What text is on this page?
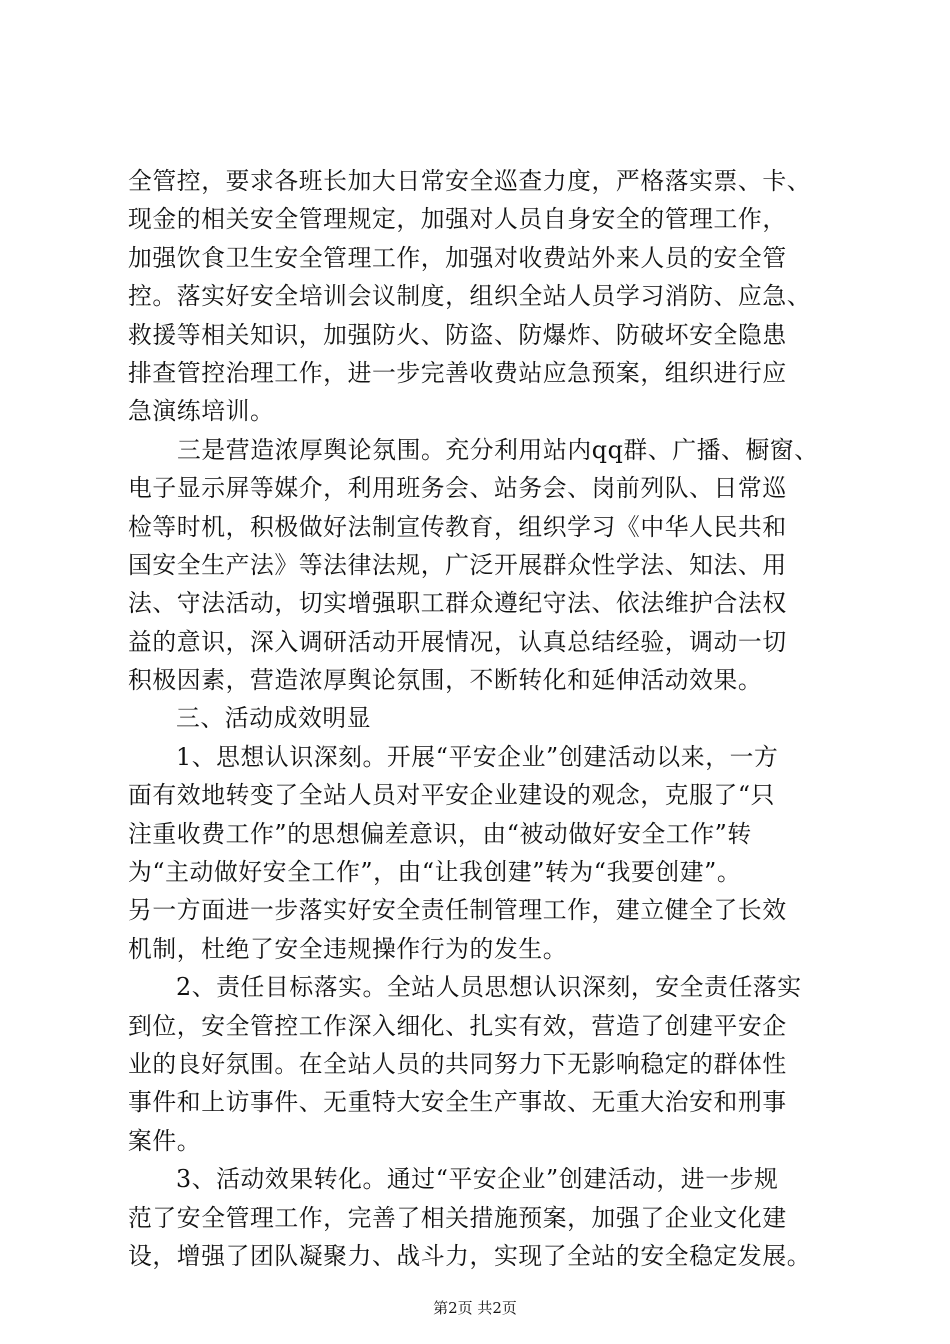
全管控，要求各班长加大日常安全巡查力度，严格落实票、卡、
现金的相关安全管理规定，加强对人员自身安全的管理工作，
加强饮食卫生安全管理工作，加强对收费站外来人员的安全管
控。落实好安全培训会议制度，组织全站人员学习消防、应急、
救援等相关知识，加强防火、防盗、防爆炸、防破坏安全隐患
排查管控治理工作，进一步完善收费站应急预案，组织进行应
急演练培训。
三是营造浓厚舆论氛围。充分利用站内qq群、广播、橱窗、
电子显示屏等媒介，利用班务会、站务会、岗前列队、日常巡
检等时机，积极做好法制宣传教育，组织学习《中华人民共和
国安全生产法》等法律法规，广泛开展群众性学法、知法、用
法、守法活动，切实增强职工群众遵纪守法、依法维护合法权
益的意识，深入调研活动开展情况，认真总结经验，调动一切
积极因素，营造浓厚舆论氛围，不断转化和延伸活动效果。
三、活动成效明显
1、思想认识深刻。开展“平安企业”创建活动以来，一方
面有效地转变了全站人员对平安企业建设的观念，克服了“只
注重收费工作”的思想偏差意识，由“被动做好安全工作”转
为“主动做好安全工作”，由“让我创建”转为“我要创建”。
另一方面进一步落实好安全责任制管理工作，建立健全了长效
机制，杜绝了安全违规操作行为的发生。
2、责任目标落实。全站人员思想认识深刻，安全责任落实
到位，安全管控工作深入细化、扎实有效，营造了创建平安企
业的良好氛围。在全站人员的共同努力下无影响稳定的群体性
事件和上访事件、无重特大安全生产事故、无重大治安和刑事
案件。
3、活动效果转化。通过“平安企业”创建活动，进一步规
范了安全管理工作，完善了相关措施预案，加强了企业文化建
设，增强了团队凝聚力、战斗力，实现了全站的安全稳定发展。
第2页 共2页
